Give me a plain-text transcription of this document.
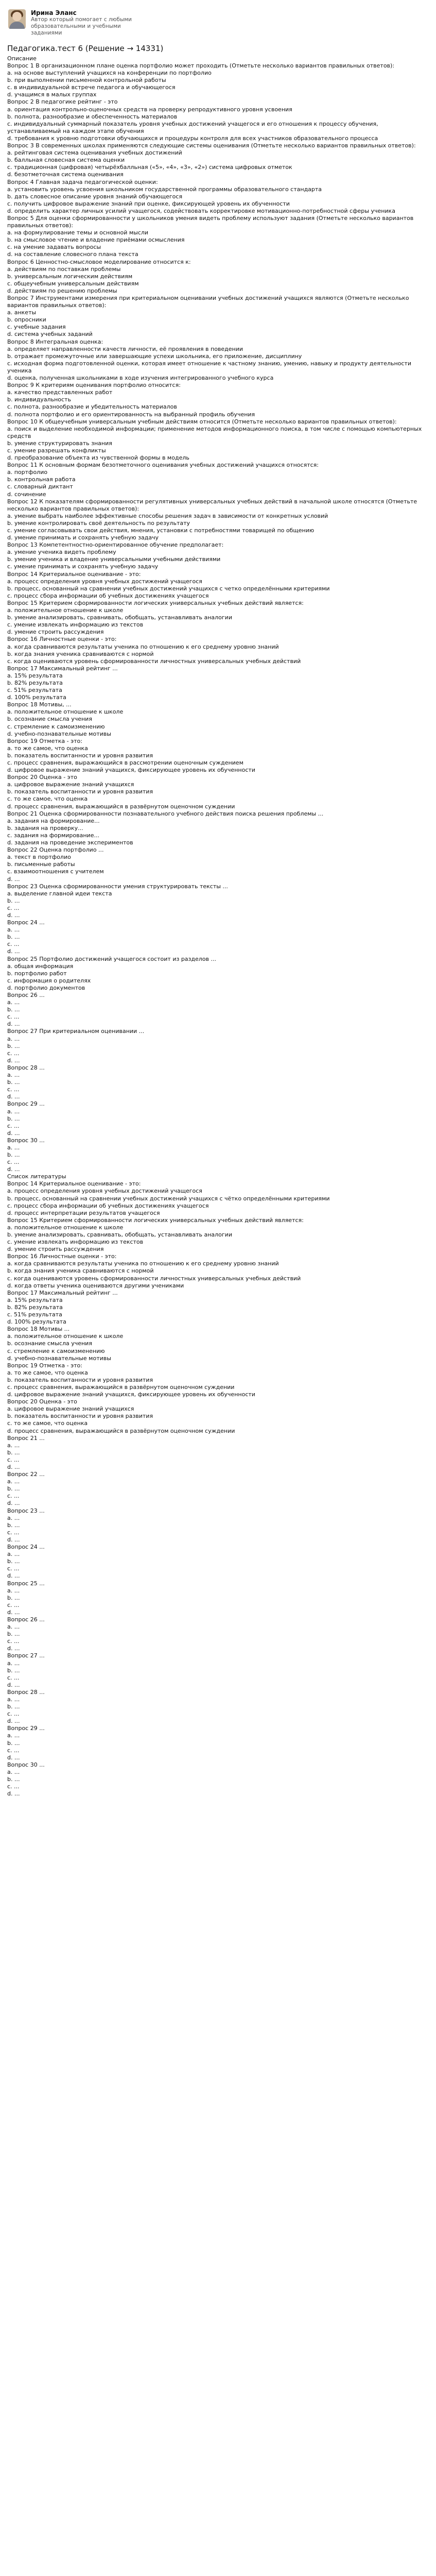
Ирина Эланс
Автор который помогает с любыми образовательными и учебными заданиями
Педагогика.тест 6 (Решение → 14331)
Описание
Вопрос 1 В организационном плане оценка портфолио может проходить (Отметьте несколько вариантов правильных ответов):
a. на основе выступлений учащихся на конференции по портфолио
b. при выполнении письменной контрольной работы
c. в индивидуальной встрече педагога и обучающегося
d. учащимся в малых группах
Вопрос 2 В педагогике рейтинг - это
a. ориентация контрольно-оценочных средств на проверку репродуктивного уровня усвоения
b. полнота, разнообразие и обеспеченность материалов
c. индивидуальный суммарный показатель уровня учебных достижений учащегося и его отношения к процессу обучения, устанавливаемый на каждом этапе обучения
d. требования к уровню подготовки обучающихся и процедуры контроля для всех участников образовательного процесса
Вопрос 3 В современных школах применяются следующие системы оценивания (Отметьте несколько вариантов правильных ответов):
a. рейтинговая система оценивания учебных достижений
b. балльная словесная система оценки
c. традиционная (цифровая) четырёхбалльная («5», «4», «3», «2») система цифровых отметок
d. безотметочная система оценивания
Вопрос 4 Главная задача педагогической оценки:
a. установить уровень усвоения школьником государственной программы образовательного стандарта
b. дать словесное описание уровня знаний обучающегося
c. получить цифровое выражение знаний при оценке, фиксирующей уровень их обученности
d. определить характер личных усилий учащегося, содействовать корректировке мотивационно-потребностной сферы ученика
Вопрос 5 Для оценки сформированности у школьников умения видеть проблему используют задания (Отметьте несколько вариантов правильных ответов):
a. на формулирование темы и основной мысли
b. на смысловое чтение и владение приёмами осмысления
c. на умение задавать вопросы
d. на составление словесного плана текста
Вопрос 6 Ценностно-смысловое моделирование относится к:
a. действиям по поставкам проблемы
b. универсальным логическим действиям
c. общеучебным универсальным действиям
d. действиям по решению проблемы
Вопрос 7 Инструментами измерения при критериальном оценивании учебных достижений учащихся являются (Отметьте несколько вариантов правильных ответов):
a. анкеты
b. опросники
c. учебные задания
d. система учебных заданий
Вопрос 8 Интегральная оценка:
a. определяет направленности качеств личности, её проявления в поведении
b. отражает промежуточные или завершающие успехи школьника, его приложение, дисциплину
c. исходная форма подготовленной оценки, которая имеет отношение к частному знанию, умению, навыку и продукту деятельности ученика
d. оценка, полученная школьниками в ходе изучения интегрированного учебного курса
Вопрос 9 К критериям оценивания портфолио относится:
a. качество представленных работ
b. индивидуальность
c. полнота, разнообразие и убедительность материалов
d. полнота портфолио и его ориентированность на выбранный профиль обучения
Вопрос 10 К общеучебным универсальным учебным действиям относится (Отметьте несколько вариантов правильных ответов):
a. поиск и выделение необходимой информации; применение методов информационного поиска, в том числе с помощью компьютерных средств
b. умение структурировать знания
c. умение разрешать конфликты
d. преобразование объекта из чувственной формы в модель
Вопрос 11 К основным формам безотметочного оценивания учебных достижений учащихся относятся:
a. портфолио
b. контрольная работа
c. словарный диктант
d. сочинение
Вопрос 12 К показателям сформированности регулятивных универсальных учебных действий в начальной школе относятся (Отметьте несколько вариантов правильных ответов):
a. умение выбрать наиболее эффективные способы решения задач в зависимости от конкретных условий
b. умение контролировать своё деятельность по результату
c. умение согласовывать свои действия, мнения, установки с потребностями товарищей по общению
d. умение принимать и сохранять учебную задачу
Вопрос 13 Компетентностно-ориентированное обучение предполагает:
a. умение ученика видеть проблему
b. умение ученика и владение универсальными учебными действиями
c. умение принимать и сохранять учебную задачу
Вопрос 14 Критериальное оценивание - это:
a. процесс определения уровня учебных достижений учащегося
b. процесс, основанный на сравнении учебных достижений учащихся с четко определёнными критериями
c. процесс сбора информации об учебных достижениях учащегося
Вопрос 15 Критерием сформированности логических универсальных учебных действий является:
a. положительное отношение к школе
b. умение анализировать, сравнивать, обобщать, устанавливать аналогии
c. умение извлекать информацию из текстов
d. умение строить рассуждения
Вопрос 16 Личностные оценки - это:
a. когда сравниваются результаты ученика по отношению к его среднему уровню знаний
b. когда знания ученика сравниваются с нормой
c. когда оцениваются уровень сформированности личностных универсальных учебных действий
Вопрос 17 Максимальный рейтинг ...
a. 15% результата
b. 82% результата
c. 51% результата
d. 100% результата
Вопрос 18 Мотивы, ...
a. положительное отношение к школе
b. осознание смысла учения
c. стремление к самоизменению
d. учебно-познавательные мотивы
Вопрос 19 Отметка - это:
a. то же самое, что оценка
b. показатель воспитанности и уровня развития
c. процесс сравнения, выражающийся в рассмотрении оценочным суждением
d. цифровое выражение знаний учащихся, фиксирующее уровень их обученности
Вопрос 20 Оценка - это
a. цифровое выражение знаний учащихся
b. показатель воспитанности и уровня развития
c. то же самое, что оценка
d. процесс сравнения, выражающийся в развёрнутом оценочном суждении
Вопрос 21 Оценка сформированности познавательного учебного действия поиска решения проблемы ...
a. задания на формирование...
b. задания на проверку...
c. задания на формирование...
d. задания на проведение экспериментов
Вопрос 22 Оценка портфолио ...
a. текст в портфолио
b. письменные работы
c. взаимоотношения с учителем
d. ...
Вопрос 23 Оценка сформированности умения структурировать тексты ...
a. выделение главной идеи текста
b. ...
c. ...
d. ...
Вопрос 24 ...
a. ...
b. ...
c. ...
d. ...
Вопрос 25 Портфолио достижений учащегося состоит из разделов ...
a. общая информация
b. портфолио работ
c. информация о родителях
d. портфолио документов
Вопрос 26 ...
a. ...
b. ...
c. ...
d. ...
Вопрос 27 При критериальном оценивании ...
a. ...
b. ...
c. ...
d. ...
Вопрос 28 ...
a. ...
b. ...
c. ...
d. ...
Вопрос 29 ...
a. ...
b. ...
c. ...
d. ...
Вопрос 30 ...
a. ...
b. ...
c. ...
d. ...
Список литературы
Вопрос 14 Критериальное оценивание - это:
a. процесс определения уровня учебных достижений учащегося
b. процесс, основанный на сравнении учебных достижений учащихся с чётко определёнными критериями
c. процесс сбора информации об учебных достижениях учащегося
d. процесс интерпретации результатов учащегося
Вопрос 15 Критерием сформированности логических универсальных учебных действий является:
a. положительное отношение к школе
b. умение анализировать, сравнивать, обобщать, устанавливать аналогии
c. умение извлекать информацию из текстов
d. умение строить рассуждения
Вопрос 16 Личностные оценки - это:
a. когда сравниваются результаты ученика по отношению к его среднему уровню знаний
b. когда знания ученика сравниваются с нормой
c. когда оцениваются уровень сформированности личностных универсальных учебных действий
d. когда ответы ученика оцениваются другими учениками
Вопрос 17 Максимальный рейтинг ...
a. 15% результата
b. 82% результата
c. 51% результата
d. 100% результата
Вопрос 18 Мотивы ...
a. положительное отношение к школе
b. осознание смысла учения
c. стремление к самоизменению
d. учебно-познавательные мотивы
Вопрос 19 Отметка - это:
a. то же самое, что оценка
b. показатель воспитанности и уровня развития
c. процесс сравнения, выражающийся в развёрнутом оценочном суждении
d. цифровое выражение знаний учащихся, фиксирующее уровень их обученности
Вопрос 20 Оценка - это
a. цифровое выражение знаний учащихся
b. показатель воспитанности и уровня развития
c. то же самое, что оценка
d. процесс сравнения, выражающийся в развёрнутом оценочном суждении
Вопрос 21 ...
a. ...
b. ...
c. ...
d. ...
Вопрос 22 ...
a. ...
b. ...
c. ...
d. ...
Вопрос 23 ...
a. ...
b. ...
c. ...
d. ...
Вопрос 24 ...
a. ...
b. ...
c. ...
d. ...
Вопрос 25 ...
a. ...
b. ...
c. ...
d. ...
Вопрос 26 ...
a. ...
b. ...
c. ...
d. ...
Вопрос 27 ...
a. ...
b. ...
c. ...
d. ...
Вопрос 28 ...
a. ...
b. ...
c. ...
d. ...
Вопрос 29 ...
a. ...
b. ...
c. ...
d. ...
Вопрос 30 ...
a. ...
b. ...
c. ...
d. ...
